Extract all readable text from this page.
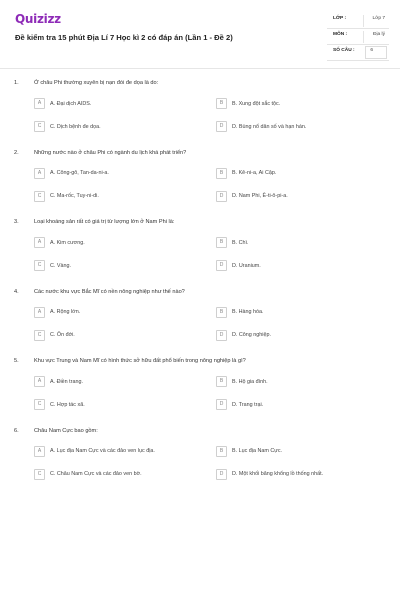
Quizizz
Đề kiểm tra 15 phút Địa Lí 7 Học kì 2 có đáp án (Lần 1 - Đề 2)
LỚP :	Lớp 7
MÔN :	Địa lý
SỐ CÂU :	6
1.	Ở châu Phi thường xuyên bị nạn đói đe dọa là do:
A	A. Đại dịch AIDS.	B	B. Xung đột sắc tộc.
C	C. Dịch bệnh đe dọa.	D	D. Bùng nổ dân số và hạn hán.
2.	Những nước nào ở châu Phi có ngành du lịch khá phát triển?
A	A. Công-gô, Tan-da-ni-a.	B	B. Kê-ni-a, Ai Cập.
C	C. Ma-rốc, Tuy-ni-di.	D	D. Nam Phi, Ê-ti-ô-pi-a.
3.	Loại khoáng sản rất có giá trị từ lượng lớn ở Nam Phi là:
A	A. Kim cương.	B	B. Chì.
C	C. Vàng.	D	D. Uranium.
4.	Các nước khu vực Bắc Mĩ có nền nông nghiệp như thế nào?
A	A. Rộng lớn.	B	B. Hàng hóa.
C	C. Ôn đới.	D	D. Công nghiệp.
5.	Khu vực Trung và Nam Mĩ có hình thức sở hữu đất phổ biến trong nông nghiệp là gì?
A	A. Điền trang.	B	B. Hộ gia đình.
C	C. Hợp tác xã.	D	D. Trang trại.
6.	Châu Nam Cực bao gồm:
A	A. Lục địa Nam Cực và các đảo ven lục địa.	B	B. Lục địa Nam Cực.
C	C. Châu Nam Cực và các đảo ven bờ.	D	D. Một khối băng khổng lồ thống nhất.
